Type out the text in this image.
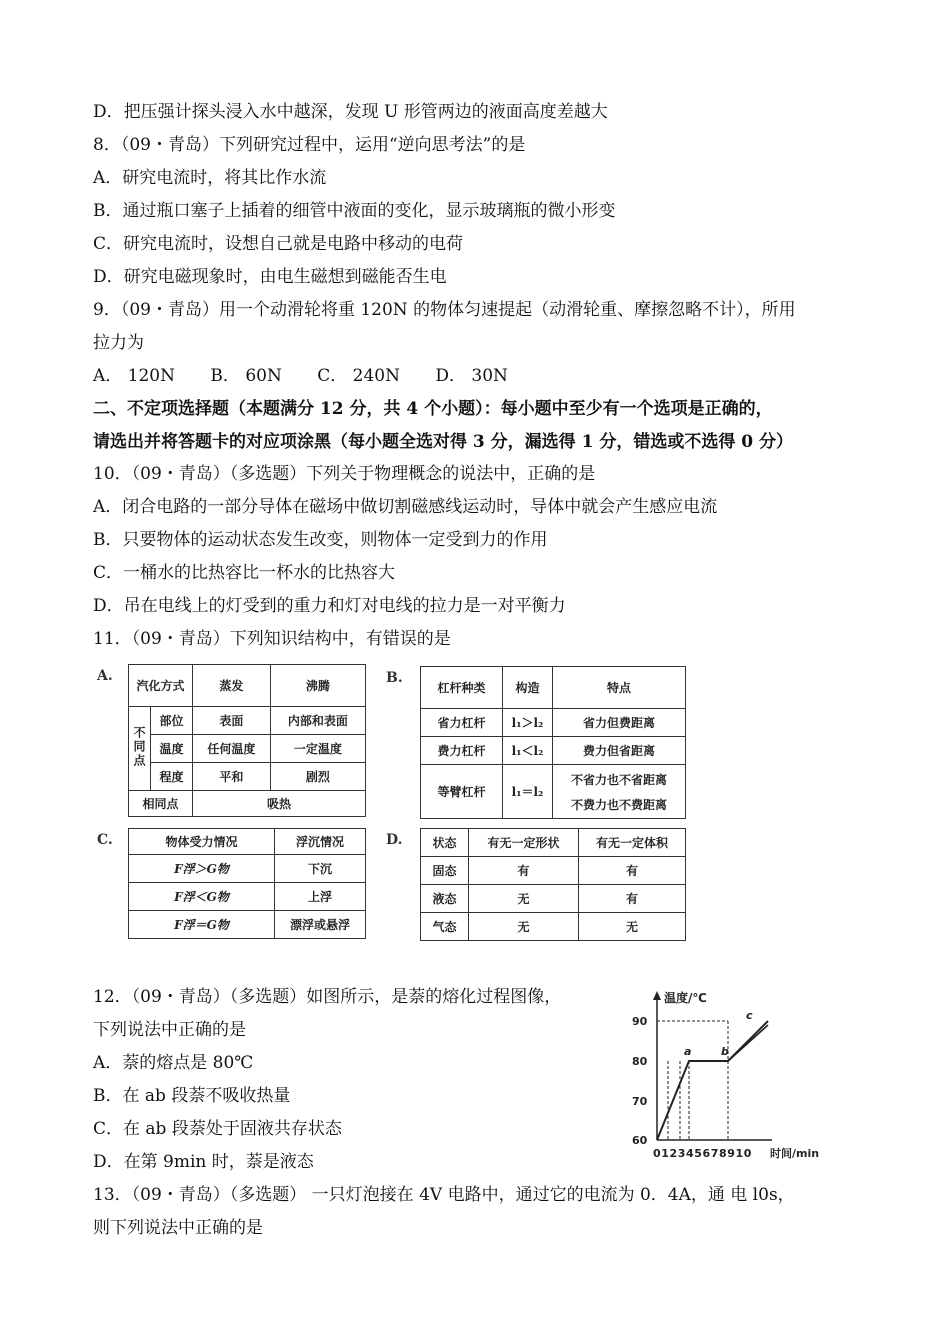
D．把压强计探头浸入水中越深，发现 U 形管两边的液面高度差越大
8．（09・青岛）下列研究过程中，运用“逆向思考法”的是
A．研究电流时，将其比作水流
B．通过瓶口塞子上插着的细管中液面的变化，显示玻璃瓶的微小形变
C．研究电流时，设想自己就是电路中移动的电荷
D．研究电磁现象时，由电生磁想到磁能否生电
9．（09・青岛）用一个动滑轮将重 120N 的物体匀速提起（动滑轮重、摩擦忽略不计），所用
拉力为
A． 120N B． 60N C． 240N D． 30N
二、不定项选择题（本题满分 12 分，共 4 个小题）：每小题中至少有一个选项是正确的，
请选出并将答题卡的对应项涂黑（每小题全选对得 3 分，漏选得 1 分，错选或不选得 0 分）
10．（09・青岛）（多选题）下列关于物理概念的说法中，正确的是
A．闭合电路的一部分导体在磁场中做切割磁感线运动时，导体中就会产生感应电流
B．只要物体的运动状态发生改变，则物体一定受到力的作用
C．一桶水的比热容比一杯水的比热容大
D．吊在电线上的灯受到的重力和灯对电线的拉力是一对平衡力
11．（09・青岛）下列知识结构中，有错误的是
A.
汽化方式		蒸发	沸腾
不同点	部位	表面	内部和表面
	温度	任何温度	一定温度
	程度	平和	剧烈
相同点		吸热	
B.
杠杆种类	构造	特点
省力杠杆	l₁＞l₂	省力但费距离
费力杠杆	l₁＜l₂	费力但省距离
等臂杠杆	l₁＝l₂	不省力也不省距离
不费力也不费距离
C.	物体受力情况	浮沉情况
F浮＞G物	下沉
F浮＜G物	上浮
F浮＝G物	漂浮或悬浮
D. 状态	有无一定形状	有无一定体积
固态	有	有
液态	无	有
气态	无	无
12．（09・青岛）（多选题）如图所示，是萘的熔化过程图像，
下列说法中正确的是
A．萘的熔点是 80℃
B．在 ab 段萘不吸收热量
C．在 ab 段萘处于固液共存状态
D．在第 9min 时，萘是液态
温度/℃
90
80
70
60
012345678910 时间/min
a	b
c
13．（09・青岛）（多选题） 一只灯泡接在 4V 电路中，通过它的电流为 0．4A，通 电 l0s，
则下列说法中正确的是
